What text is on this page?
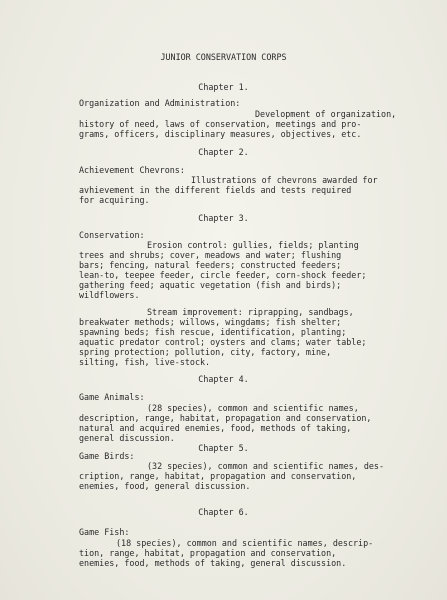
JUNIOR CONSERVATION CORPS
Chapter 1.
Organization and Administration:
Development of organization,
history of need, laws of conservation, meetings and pro-
grams, officers, disciplinary measures, objectives, etc.
Chapter 2.
Achievement Chevrons:
Illustrations of chevrons awarded for
avhievement in the different fields and tests required
for acquiring.
Chapter 3.
Conservation:
Erosion control: gullies, fields; planting
trees and shrubs; cover, meadows and water; flushing
bars; fencing, natural feeders; constructed feeders;
lean-to, teepee feeder, circle feeder, corn-shock feeder;
gathering feed; aquatic vegetation (fish and birds);
wildflowers.
Stream improvement: riprapping, sandbags,
breakwater methods; willows, wingdams; fish shelter;
spawning beds; fish rescue, identification, planting;
aquatic predator control; oysters and clams; water table;
spring protection; pollution, city, factory, mine,
silting, fish, live-stock.
Chapter 4.
Game Animals:
(28 species), common and scientific names,
description, range, habitat, propagation and conservation,
natural and acquired enemies, food, methods of taking,
general discussion.
Chapter 5.
Game Birds:
(32 species), common and scientific names, des-
cription, range, habitat, propagation and conservation,
enemies, food, general discussion.
Chapter 6.
Game Fish:
(18 species), common and scientific names, descrip-
tion, range, habitat, propagation and conservation,
enemies, food, methods of taking, general discussion.
